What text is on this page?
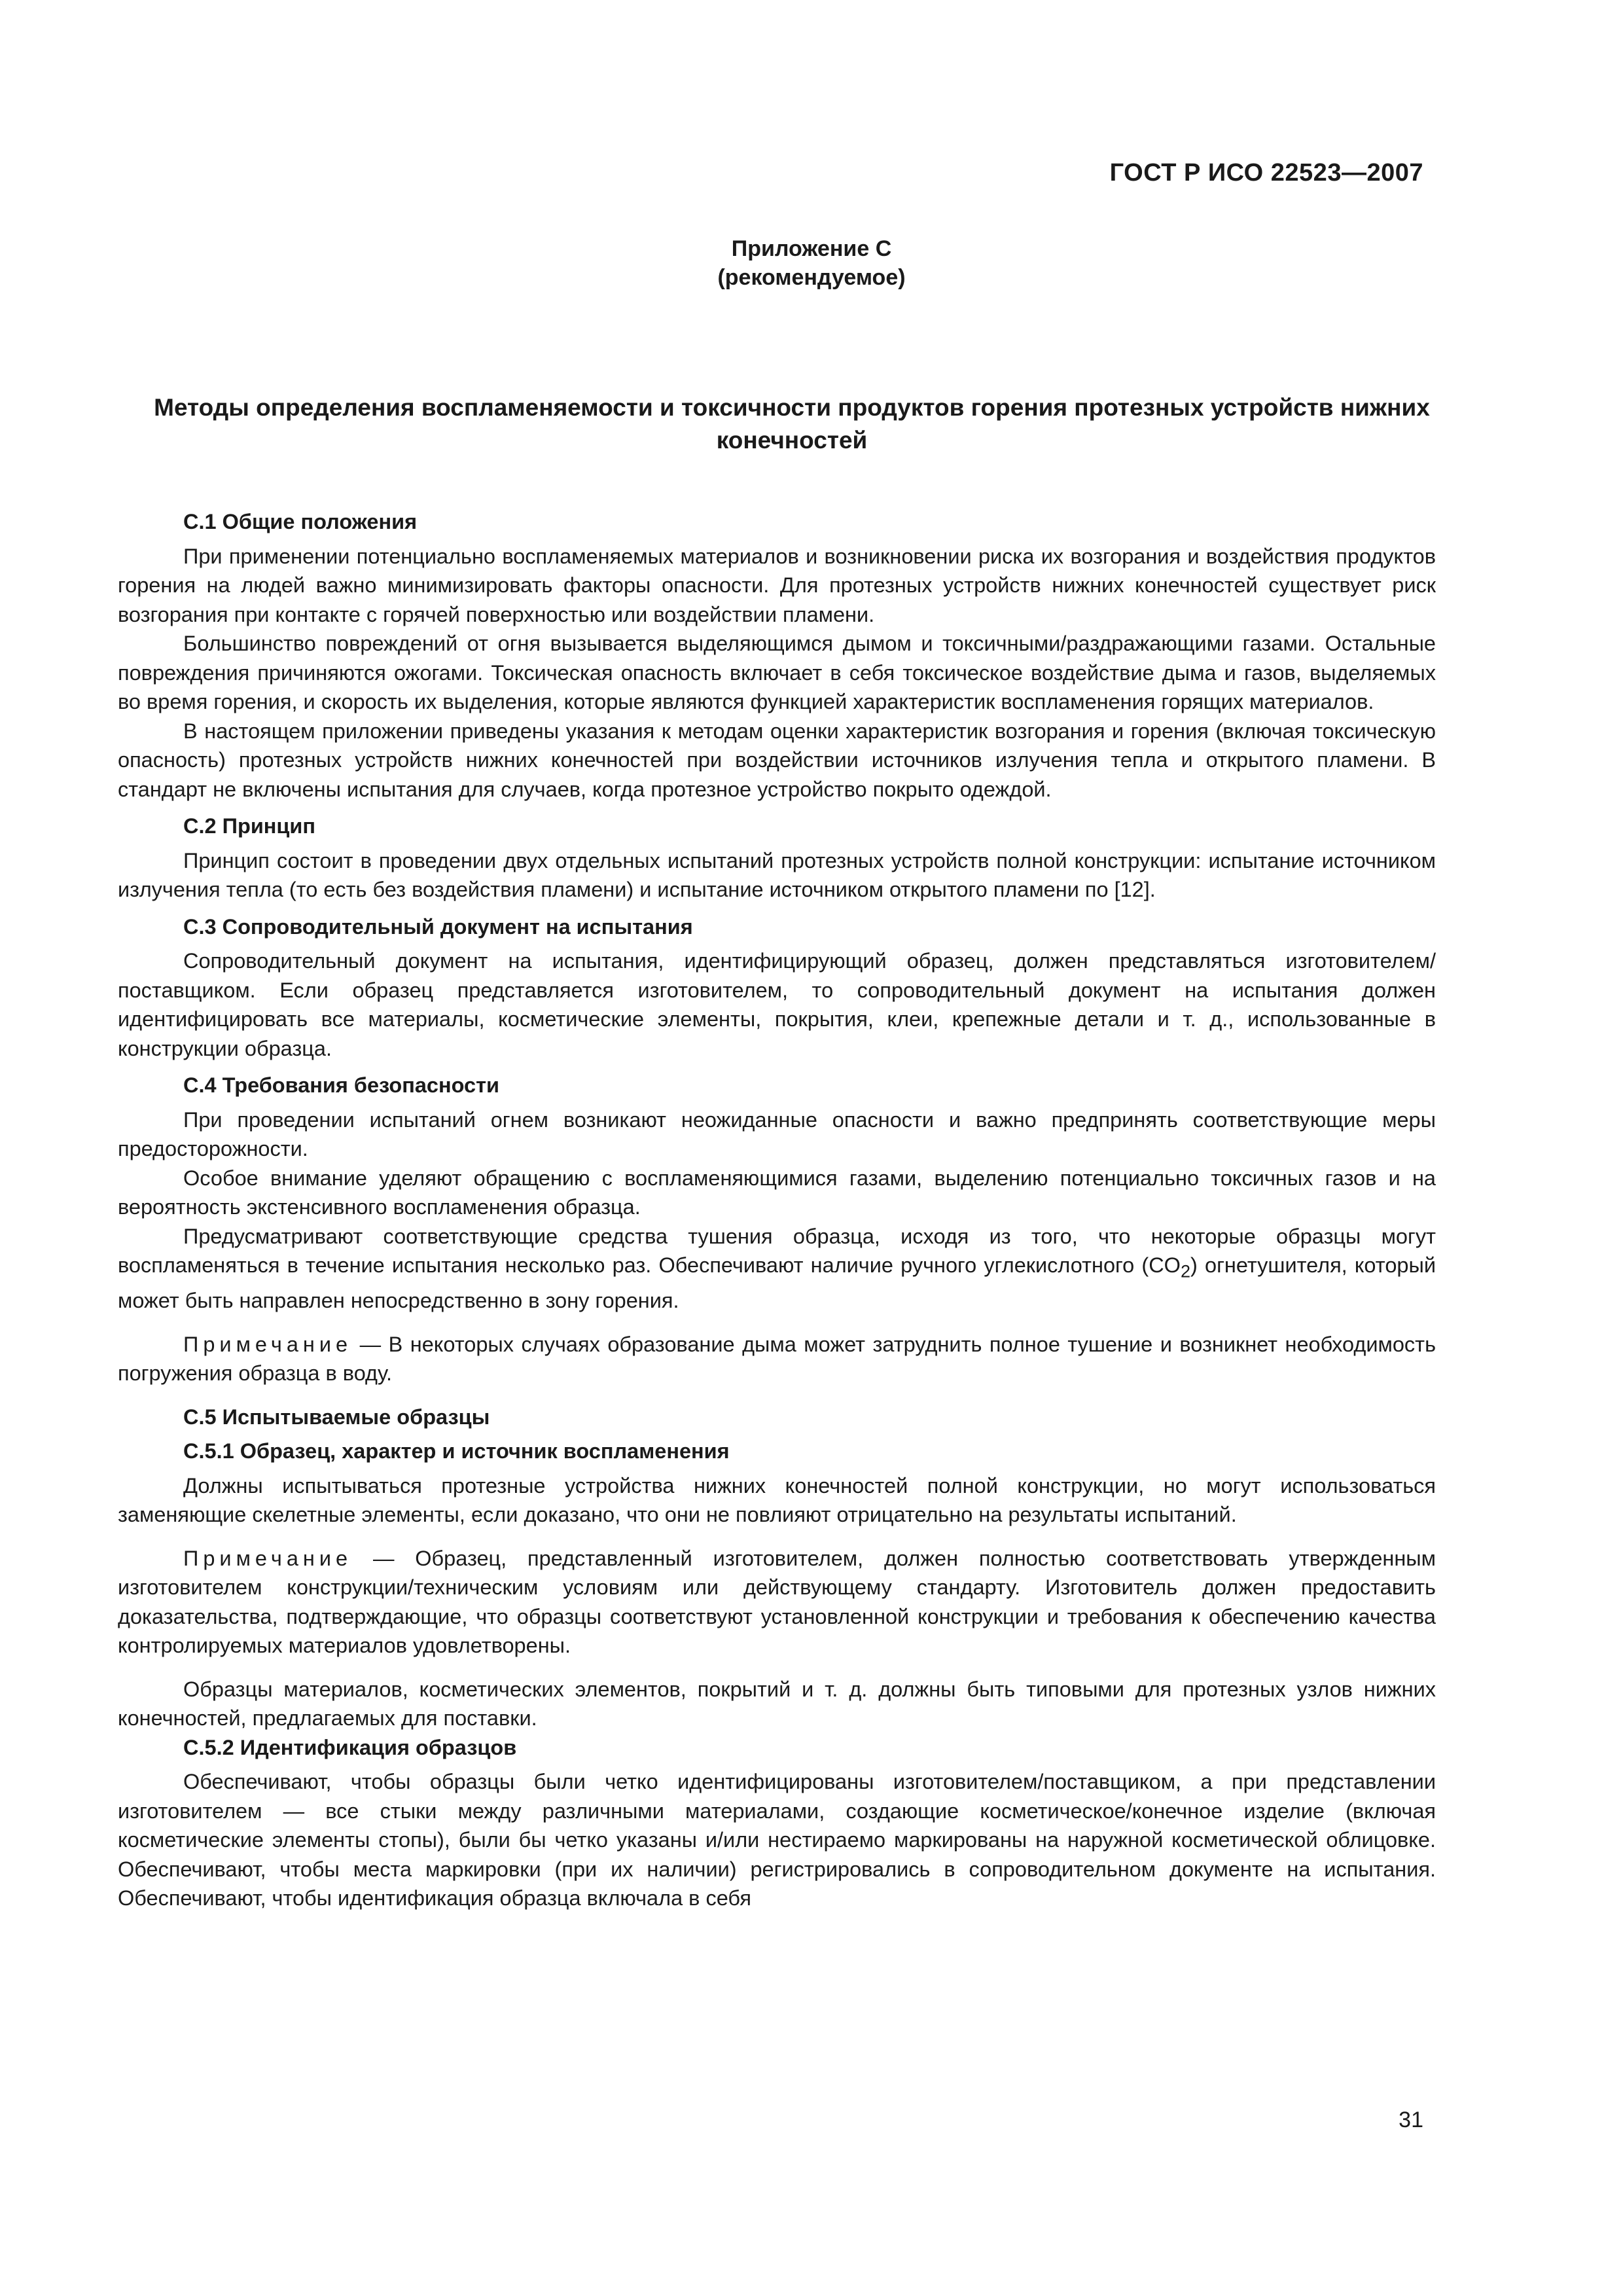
ГОСТ Р ИСО 22523—2007
Приложение С
(рекомендуемое)
Методы определения воспламеняемости и токсичности продуктов горения протезных устройств нижних конечностей
С.1 Общие положения

При применении потенциально воспламеняемых материалов и возникновении риска их возгорания и воздействия продуктов горения на людей важно минимизировать факторы опасности. Для протезных устройств нижних конечностей существует риск возгорания при контакте с горячей поверхностью или воздействии пламени.

Большинство повреждений от огня вызывается выделяющимся дымом и токсичными/раздражающими газами. Остальные повреждения причиняются ожогами. Токсическая опасность включает в себя токсическое воздействие дыма и газов, выделяемых во время горения, и скорость их выделения, которые являются функцией характеристик воспламенения горящих материалов.

В настоящем приложении приведены указания к методам оценки характеристик возгорания и горения (включая токсическую опасность) протезных устройств нижних конечностей при воздействии источников излучения тепла и открытого пламени. В стандарт не включены испытания для случаев, когда протезное устройство покрыто одеждой.

С.2 Принцип

Принцип состоит в проведении двух отдельных испытаний протезных устройств полной конструкции: испытание источником излучения тепла (то есть без воздействия пламени) и испытание источником открытого пламени по [12].

С.3 Сопроводительный документ на испытания

Сопроводительный документ на испытания, идентифицирующий образец, должен представляться изготовителем/поставщиком. Если образец представляется изготовителем, то сопроводительный документ на испытания должен идентифицировать все материалы, косметические элементы, покрытия, клеи, крепежные детали и т. д., использованные в конструкции образца.

С.4 Требования безопасности

При проведении испытаний огнем возникают неожиданные опасности и важно предпринять соответствующие меры предосторожности.

Особое внимание уделяют обращению с воспламеняющимися газами, выделению потенциально токсичных газов и на вероятность экстенсивного воспламенения образца.

Предусматривают соответствующие средства тушения образца, исходя из того, что некоторые образцы могут воспламеняться в течение испытания несколько раз. Обеспечивают наличие ручного углекислотного $(CO_2)$ огнетушителя, который может быть направлен непосредственно в зону горения.

Примечание — В некоторых случаях образование дыма может затруднить полное тушение и возникнет необходимость погружения образца в воду.

С.5 Испытываемые образцы
С.5.1 Образец, характер и источник воспламенения

Должны испытываться протезные устройства нижних конечностей полной конструкции, но могут использоваться заменяющие скелетные элементы, если доказано, что они не повлияют отрицательно на результаты испытаний.

Примечание — Образец, представленный изготовителем, должен полностью соответствовать утвержденным изготовителем конструкции/техническим условиям или действующему стандарту. Изготовитель должен предоставить доказательства, подтверждающие, что образцы соответствуют установленной конструкции и требования к обеспечению качества контролируемых материалов удовлетворены.

Образцы материалов, косметических элементов, покрытий и т. д. должны быть типовыми для протезных узлов нижних конечностей, предлагаемых для поставки.

С.5.2 Идентификация образцов

Обеспечивают, чтобы образцы были четко идентифицированы изготовителем/поставщиком, а при представлении изготовителем — все стыки между различными материалами, создающие косметическое/конечное изделие (включая косметические элементы стопы), были бы четко указаны и/или нестираемо маркированы на наружной косметической облицовке. Обеспечивают, чтобы места маркировки (при их наличии) регистрировались в сопроводительном документе на испытания. Обеспечивают, чтобы идентификация образца включала в себя

31
